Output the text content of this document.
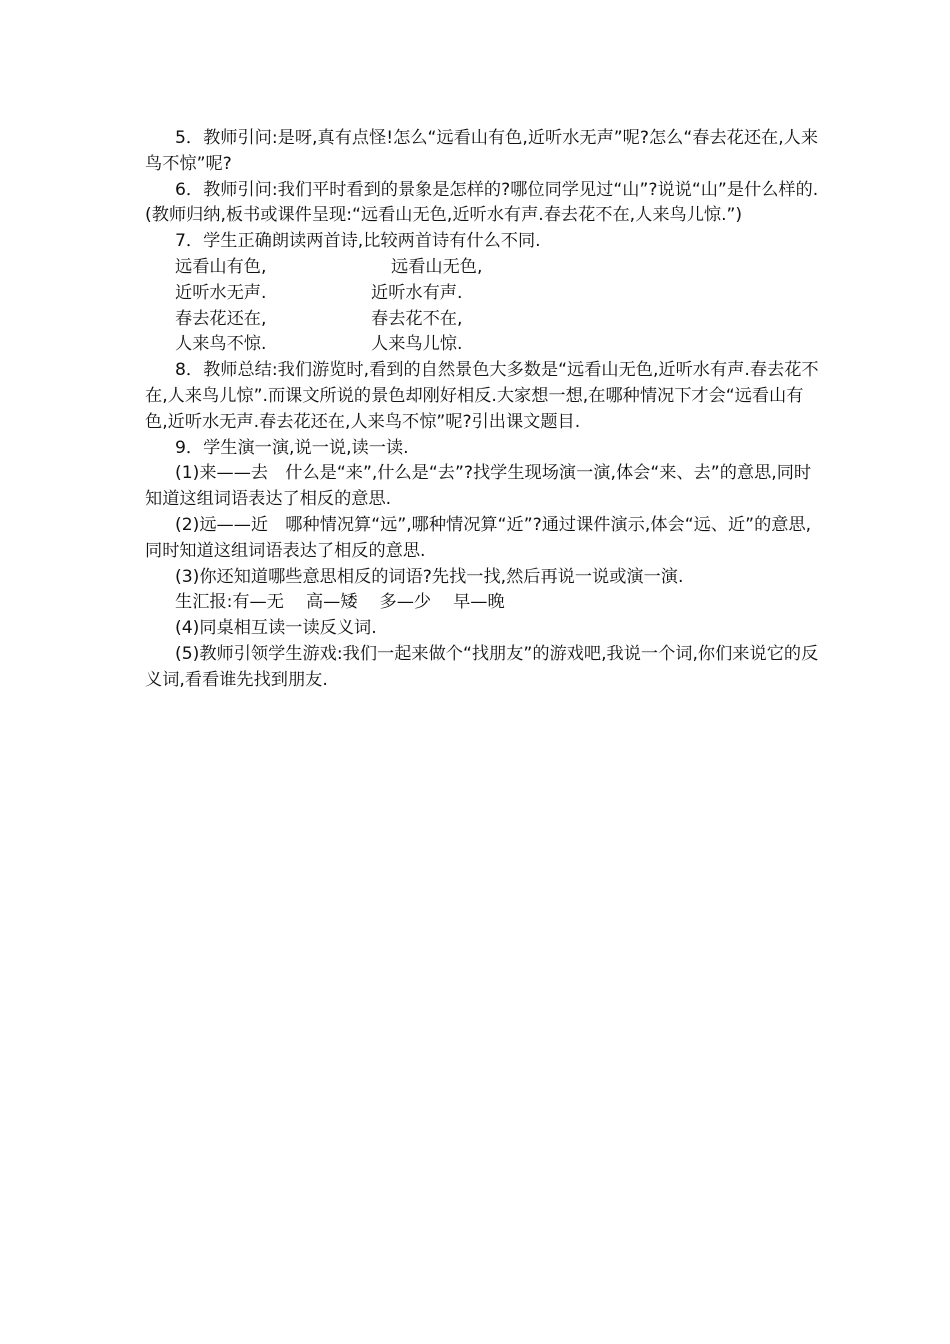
5．教师引问:是呀,真有点怪!怎么“远看山有色,近听水无声”呢?怎么“春去花还在,人来鸟不惊”呢?

6．教师引问:我们平时看到的景象是怎样的?哪位同学见过“山”?说说“山”是什么样的.(教师归纳,板书或课件呈现:“远看山无色,近听水有声.春去花不在,人来鸟儿惊.”)

7．学生正确朗读两首诗,比较两首诗有什么不同.

远看山有色,	远看山无色,
近听水无声.	近听水有声.
春去花还在,	春去花不在,
人来鸟不惊.	人来鸟儿惊.

8．教师总结:我们游览时,看到的自然景色大多数是“远看山无色,近听水有声.春去花不在,人来鸟儿惊”.而课文所说的景色却刚好相反.大家想一想,在哪种情况下才会“远看山有色,近听水无声.春去花还在,人来鸟不惊”呢?引出课文题目.

9．学生演一演,说一说,读一读.

(1)来——去　什么是“来”,什么是“去”?找学生现场演一演,体会“来、去”的意思,同时知道这组词语表达了相反的意思.

(2)远——近　哪种情况算“远”,哪种情况算“近”?通过课件演示,体会“远、近”的意思,同时知道这组词语表达了相反的意思.

(3)你还知道哪些意思相反的词语?先找一找,然后再说一说或演一演.

生汇报:有—无 高—矮 多—少 早—晚

(4)同桌相互读一读反义词.

(5)教师引领学生游戏:我们一起来做个“找朋友”的游戏吧,我说一个词,你们来说它的反义词,看看谁先找到朋友.
